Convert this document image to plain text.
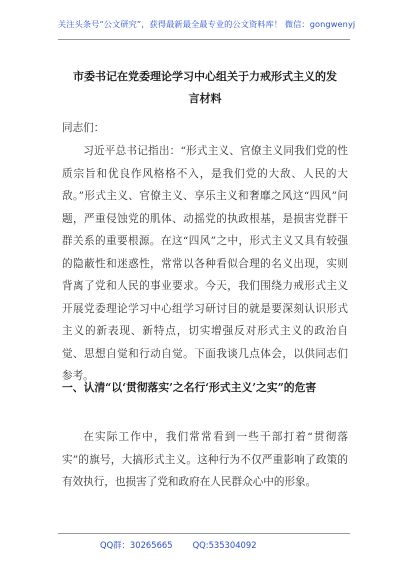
关注头条号“公文研究”，获得最新最全最专业的公文资料库！ 微信：gongwenyj
市委书记在党委理论学习中心组关于力戒形式主义的发言材料
同志们：
习近平总书记指出：“形式主义、官僚主义同我们党的性质宗旨和优良作风格格不入，是我们党的大敌、人民的大敌。”形式主义、官僚主义、享乐主义和奢靡之风这“四风”问题，严重侵蚀党的肌体、动摇党的执政根基，是损害党群干群关系的重要根源。在这“四风”之中，形式主义又具有较强的隐蔽性和迷惑性，常常以各种看似合理的名义出现，实则背离了党和人民的事业要求。今天，我们围绕力戒形式主义开展党委理论学习中心组学习研讨目的就是要深刻认识形式主义的新表现、新特点，切实增强反对形式主义的政治自觉、思想自觉和行动自觉。下面我谈几点体会，以供同志们参考。
一、认清“以‘贯彻落实’之名行‘形式主义’之实”的危害
在实际工作中，我们常常看到一些干部打着“贯彻落实”的旗号，大搞形式主义。这种行为不仅严重影响了政策的有效执行，也损害了党和政府在人民群众心中的形象。
QQ群：30265665 QQ:535304092
